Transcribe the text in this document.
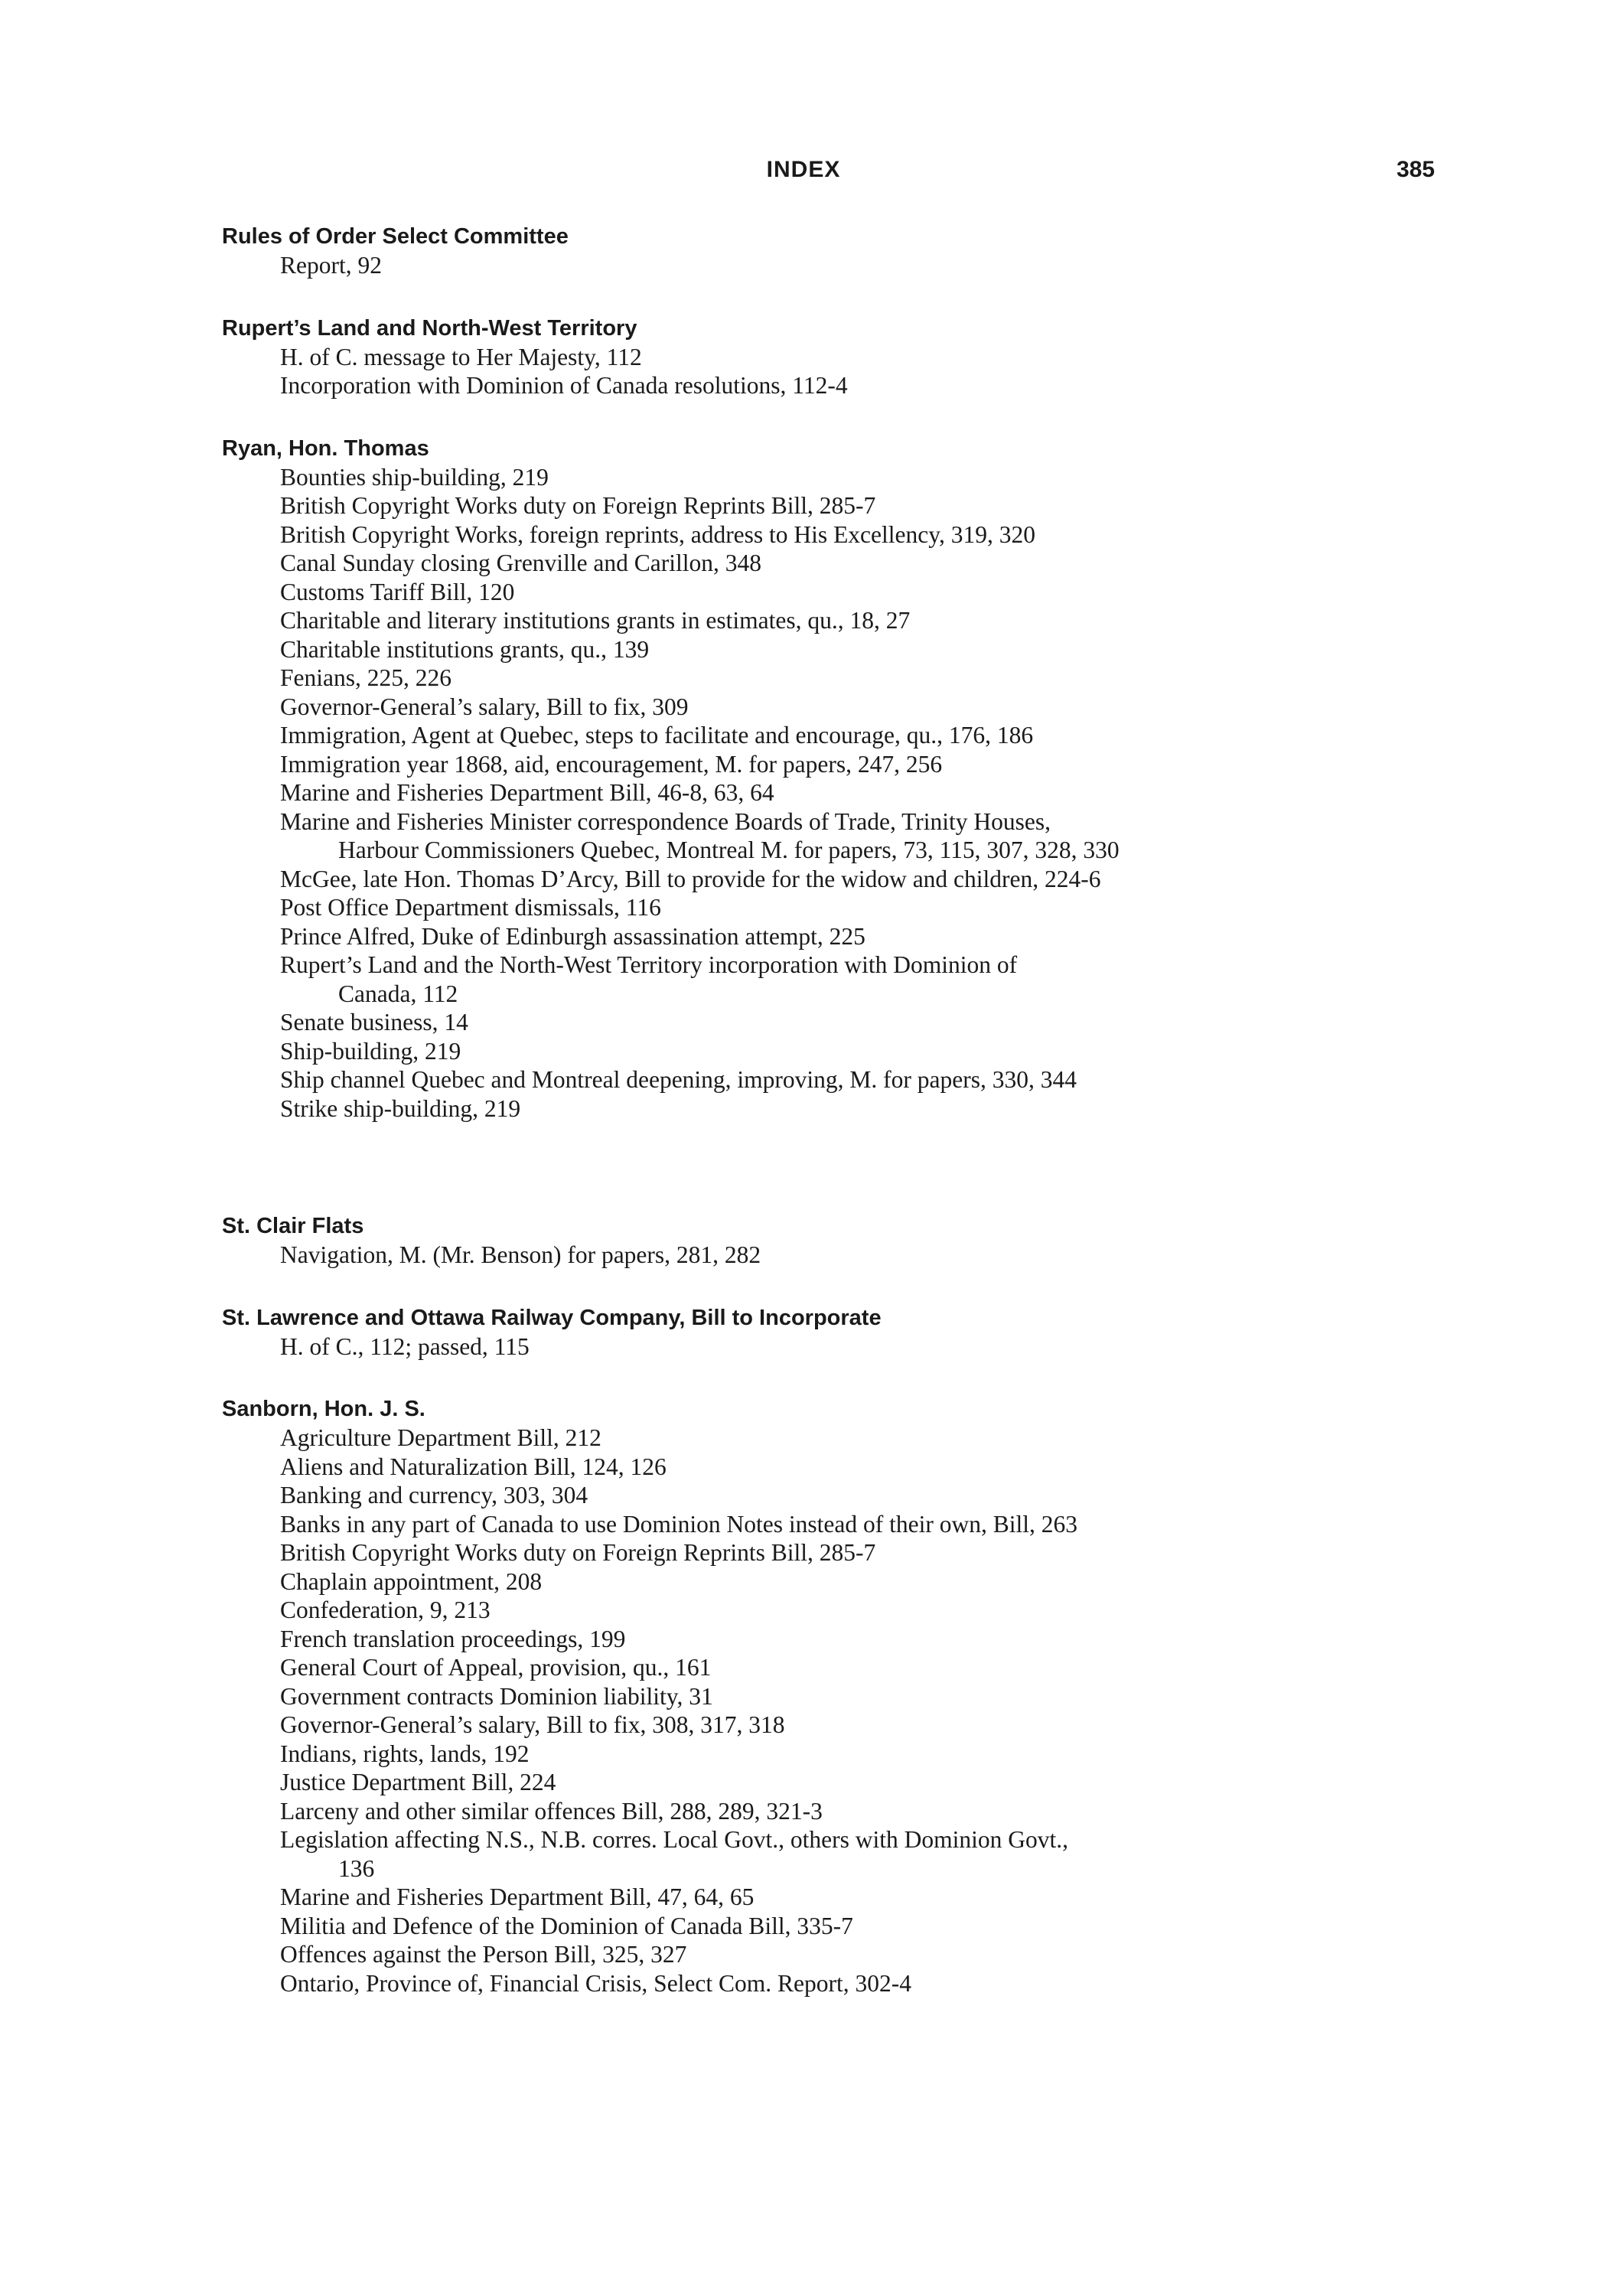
INDEX	385
Rules of Order Select Committee
Report, 92
Rupert’s Land and North-West Territory
H. of C. message to Her Majesty, 112
Incorporation with Dominion of Canada resolutions, 112-4
Ryan, Hon. Thomas
Bounties ship-building, 219
British Copyright Works duty on Foreign Reprints Bill, 285-7
British Copyright Works, foreign reprints, address to His Excellency, 319, 320
Canal Sunday closing Grenville and Carillon, 348
Customs Tariff Bill, 120
Charitable and literary institutions grants in estimates, qu., 18, 27
Charitable institutions grants, qu., 139
Fenians, 225, 226
Governor-General’s salary, Bill to fix, 309
Immigration, Agent at Quebec, steps to facilitate and encourage, qu., 176, 186
Immigration year 1868, aid, encouragement, M. for papers, 247, 256
Marine and Fisheries Department Bill, 46-8, 63, 64
Marine and Fisheries Minister correspondence Boards of Trade, Trinity Houses,
Harbour Commissioners Quebec, Montreal M. for papers, 73, 115, 307, 328, 330
McGee, late Hon. Thomas D’Arcy, Bill to provide for the widow and children, 224-6
Post Office Department dismissals, 116
Prince Alfred, Duke of Edinburgh assassination attempt, 225
Rupert’s Land and the North-West Territory incorporation with Dominion of
Canada, 112
Senate business, 14
Ship-building, 219
Ship channel Quebec and Montreal deepening, improving, M. for papers, 330, 344
Strike ship-building, 219
St. Clair Flats
Navigation, M. (Mr. Benson) for papers, 281, 282
St. Lawrence and Ottawa Railway Company, Bill to Incorporate
H. of C., 112; passed, 115
Sanborn, Hon. J. S.
Agriculture Department Bill, 212
Aliens and Naturalization Bill, 124, 126
Banking and currency, 303, 304
Banks in any part of Canada to use Dominion Notes instead of their own, Bill, 263
British Copyright Works duty on Foreign Reprints Bill, 285-7
Chaplain appointment, 208
Confederation, 9, 213
French translation proceedings, 199
General Court of Appeal, provision, qu., 161
Government contracts Dominion liability, 31
Governor-General’s salary, Bill to fix, 308, 317, 318
Indians, rights, lands, 192
Justice Department Bill, 224
Larceny and other similar offences Bill, 288, 289, 321-3
Legislation affecting N.S., N.B. corres. Local Govt., others with Dominion Govt.,
136
Marine and Fisheries Department Bill, 47, 64, 65
Militia and Defence of the Dominion of Canada Bill, 335-7
Offences against the Person Bill, 325, 327
Ontario, Province of, Financial Crisis, Select Com. Report, 302-4
